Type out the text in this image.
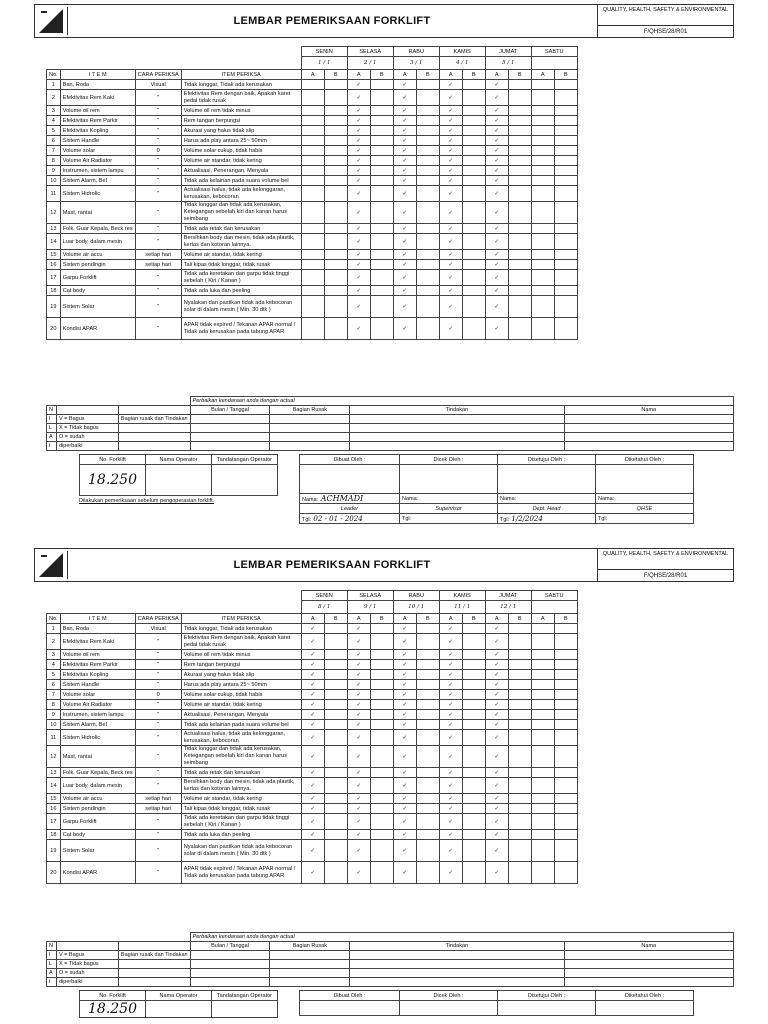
LEMBAR PEMERIKSAAN FORKLIFT
QUALITY, HEALTH, SAFETY & ENVIRONMENTAL
F/QHSE/28/R01
				SENIN		SELASA		RABU		KAMIS		JUMAT		SABTU	
				1 / 1		2 / 1		3 / 1		4 / 1		5 / 1			
No.	I T E M	CARA PERIKSA	ITEM PERIKSA	A	B	A	B	A	B	A	B	A	B	A	B
1	Ban, Roda	Visual	Tidak longgar, Tidak ada kerusakan			✓		✓		✓		✓			
2	Efektivitas Rem Kaki	"	Efektivitas Rem dengan baik, Apakah karet pedal tidak rusak			✓		✓		✓		✓			
3	Volume oil rem	"	Volume oil rem tidak minus			✓		✓		✓		✓			
4	Efektivitas Rem Parkir	"	Rem tangan berpungsi			✓		✓		✓		✓			
5	Efektivitas Kopling	"	Akurasi yang halus tidak slip			✓		✓		✓		✓			
6	Sistem Handle	"	Harus ada play antara 25~ 50mm			✓		✓		✓		✓			
7	Volume solar	0	Volume solar cukup, tidak habis			✓		✓		✓		✓			
8	Volume Air Radiator	"	Volume air standar, tidak kering			✓		✓		✓		✓			
9	Instrumen, sistem lampu	"	Aktualisasi, Penerangan, Menyala			✓		✓		✓		✓			
10	Sistem Alarm, Bel	"	Tidak ada kelainan pada suara volume bel			✓		✓		✓		✓			
11	Sistem Hidrolic	"	Actualisasi halus, tidak ada kelonggaran, kerusakan, kebocoran			✓		✓		✓		✓			
12	Mast, rantai	"	Tidak longgar dan tidak ada kerusakan, Ketegangan sebelah kiri dan kanan harus seimbang			✓		✓		✓		✓			
13	Folk, Guar Kepala, Beck res	"	Tidak ada retak dan kerusakan			✓		✓		✓		✓			
14	Luar body, dalam mesin	"	Bersihkan body dan mesin, tidak ada plastik, kertas dan kotoran lainnya.			✓		✓		✓		✓			
15	Volume air accu	setiap hari	Volume air standar, tidak kering			✓		✓		✓		✓			
16	Sistem pendingin	setiap hari	Tali kipas tidak longgar, tidak rusak			✓		✓		✓		✓			
17	Garpu Forklift	"	Tidak ada keretakan dan garpu tidak tinggi sebelah ( Kiri / Kanan )			✓		✓		✓		✓			
18	Cat body	"	Tidak ada luka dan peeling			✓		✓		✓		✓			
19	Sistem Solar	"	Nyalakan dan pastikan tidak ada kebocoran solar di dalam mesin ( Min. 30 dtk )			✓		✓		✓		✓			
20	Kondisi APAR	"	APAR tidak expired / Tekanan APAR normal / Tidak ada kerusakan pada tabung APAR			✓		✓		✓		✓			
			Perbaikan kendaraan anda dengan actual			
N			Bulan / Tanggal	Bagian Rusak	Tindakan	Nama
I	V = Bagus	Bagian rusak dan Tindakan				
L	X = Tidak bagus					
A	O = sudah					
I	diperbaiki					
No. Forklift	Nama Operator	Tandatangan Operator
18.250		
Dilakukan pemeriksaan sebelum pengoperasian forklift.
Dibuat Oleh :	Dicek Oleh :	Disetujui Oleh :	Diketahui Oleh :

Nama: ACHMADI	Nama:	Nama:	Nama:
Leader	Supervisor	Dept. Head	QHSE
Tgl: 02 - 01 - 2024	Tgl:	Tgl: 1/2/2024	Tgl:
LEMBAR PEMERIKSAAN FORKLIFT
QUALITY, HEALTH, SAFETY & ENVIRONMENTAL
F/QHSE/28/R01
				SENIN		SELASA		RABU		KAMIS		JUMAT		SABTU	
				8 / 1		9 / 1		10 / 1		11 / 1		12 / 1			
No.	I T E M	CARA PERIKSA	ITEM PERIKSA	A	B	A	B	A	B	A	B	A	B	A	B
1	Ban, Roda	Visual	Tidak longgar, Tidak ada kerusakan	✓		✓		✓		✓		✓			
2	Efektivitas Rem Kaki	"	Efektivitas Rem dengan baik, Apakah karet pedal tidak rusak	✓		✓		✓		✓		✓			
3	Volume oil rem	"	Volume oil rem tidak minus	✓		✓		✓		✓		✓			
4	Efektivitas Rem Parkir	"	Rem tangan berpungsi	✓		✓		✓		✓		✓			
5	Efektivitas Kopling	"	Akurasi yang halus tidak slip	✓		✓		✓		✓		✓			
6	Sistem Handle	"	Harus ada play antara 25~ 50mm	✓		✓		✓		✓		✓			
7	Volume solar	0	Volume solar cukup, tidak habis	✓		✓		✓		✓		✓			
8	Volume Air Radiator	"	Volume air standar, tidak kering	✓		✓		✓		✓		✓			
9	Instrumen, sistem lampu	"	Aktualisasi, Penerangan, Menyala	✓		✓		✓		✓		✓			
10	Sistem Alarm, Bel	"	Tidak ada kelainan pada suara volume bel	✓		✓		✓		✓		✓			
11	Sistem Hidrolic	"	Actualisasi halus, tidak ada kelonggaran, kerusakan, kebocoran	✓		✓		✓		✓		✓			
12	Mast, rantai	"	Tidak longgar dan tidak ada kerusakan, Ketegangan sebelah kiri dan kanan harus seimbang	✓		✓		✓		✓		✓			
13	Folk, Guar Kepala, Beck res	"	Tidak ada retak dan kerusakan	✓		✓		✓		✓		✓			
14	Luar body, dalam mesin	"	Bersihkan body dan mesin, tidak ada plastik, kertas dan kotoran lainnya.	✓		✓		✓		✓		✓			
15	Volume air accu	setiap hari	Volume air standar, tidak kering	✓		✓		✓		✓		✓			
16	Sistem pendingin	setiap hari	Tali kipas tidak longgar, tidak rusak	✓		✓		✓		✓		✓			
17	Garpu Forklift	"	Tidak ada keretakan dan garpu tidak tinggi sebelah ( Kiri / Kanan )	✓		✓		✓		✓		✓			
18	Cat body	"	Tidak ada luka dan peeling	✓		✓		✓		✓		✓			
19	Sistem Solar	"	Nyalakan dan pastikan tidak ada kebocoran solar di dalam mesin ( Min. 30 dtk )	✓		✓		✓		✓		✓			
20	Kondisi APAR	"	APAR tidak expired / Tekanan APAR normal / Tidak ada kerusakan pada tabung APAR	✓		✓		✓		✓		✓			
			Perbaikan kendaraan anda dengan actual			
N			Bulan / Tanggal	Bagian Rusak	Tindakan	Nama
I	V = Bagus	Bagian rusak dan Tindakan				
L	X = Tidak bagus					
A	O = sudah					
I	diperbaiki					
No. Forklift	Nama Operator	Tandatangan Operator
18.250		
Dibuat Oleh :	Dicek Oleh :	Disetujui Oleh :	Diketahui Oleh :
